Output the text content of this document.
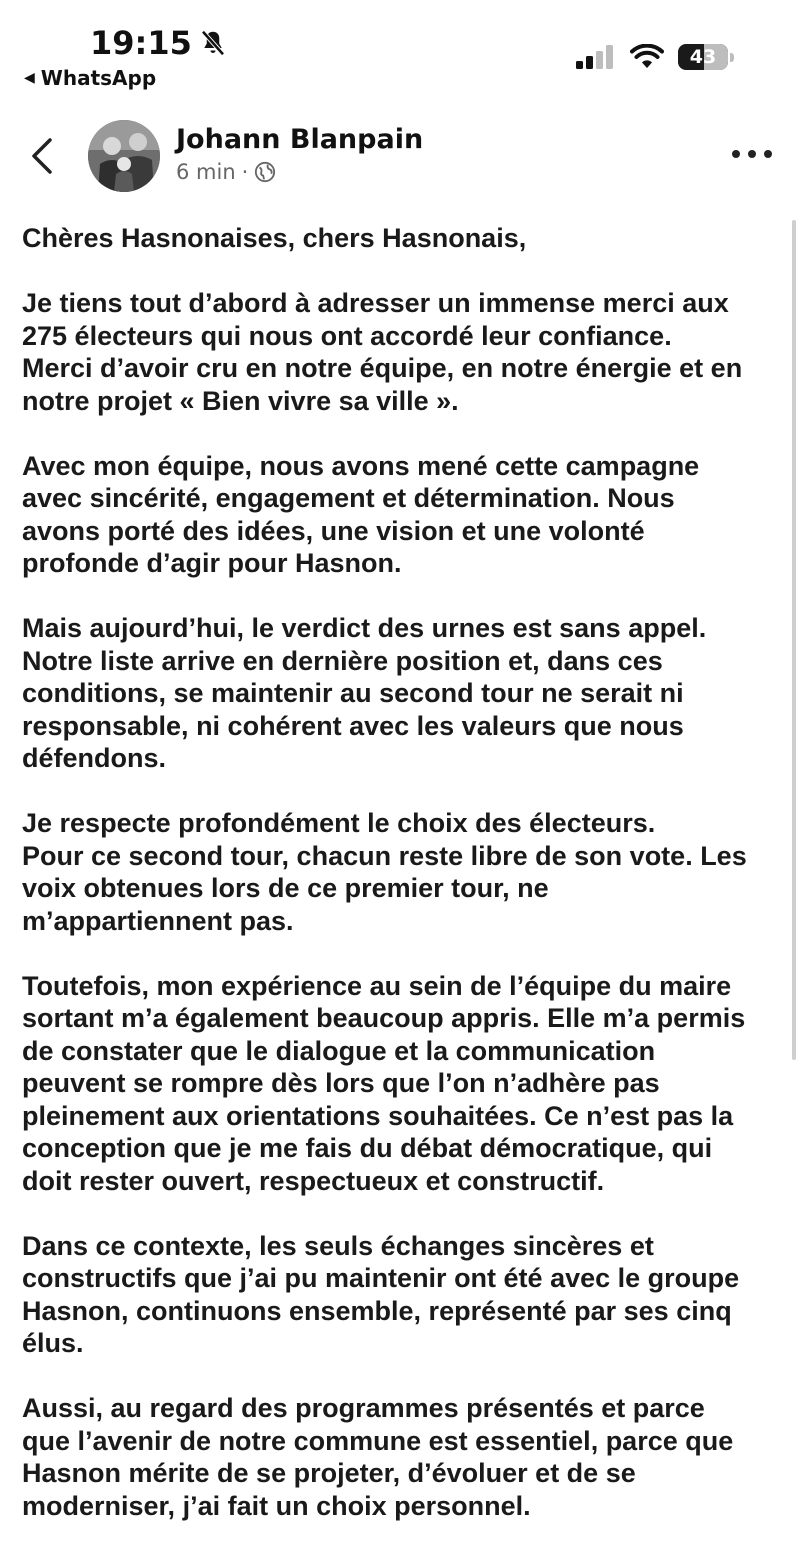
19:15
◀ WhatsApp
43
Johann Blanpain
6 min ·

Chères Hasnonaises, chers Hasnonais,

Je tiens tout d’abord à adresser un immense merci aux
275 électeurs qui nous ont accordé leur confiance.
Merci d’avoir cru en notre équipe, en notre énergie et en
notre projet « Bien vivre sa ville ».

Avec mon équipe, nous avons mené cette campagne
avec sincérité, engagement et détermination. Nous
avons porté des idées, une vision et une volonté
profonde d’agir pour Hasnon.

Mais aujourd’hui, le verdict des urnes est sans appel.
Notre liste arrive en dernière position et, dans ces
conditions, se maintenir au second tour ne serait ni
responsable, ni cohérent avec les valeurs que nous
défendons.

Je respecte profondément le choix des électeurs.
Pour ce second tour, chacun reste libre de son vote. Les
voix obtenues lors de ce premier tour, ne
m’appartiennent pas.

Toutefois, mon expérience au sein de l’équipe du maire
sortant m’a également beaucoup appris. Elle m’a permis
de constater que le dialogue et la communication
peuvent se rompre dès lors que l’on n’adhère pas
pleinement aux orientations souhaitées. Ce n’est pas la
conception que je me fais du débat démocratique, qui
doit rester ouvert, respectueux et constructif.

Dans ce contexte, les seuls échanges sincères et
constructifs que j’ai pu maintenir ont été avec le groupe
Hasnon, continuons ensemble, représenté par ses cinq
élus.

Aussi, au regard des programmes présentés et parce
que l’avenir de notre commune est essentiel, parce que
Hasnon mérite de se projeter, d’évoluer et de se
moderniser, j’ai fait un choix personnel.
